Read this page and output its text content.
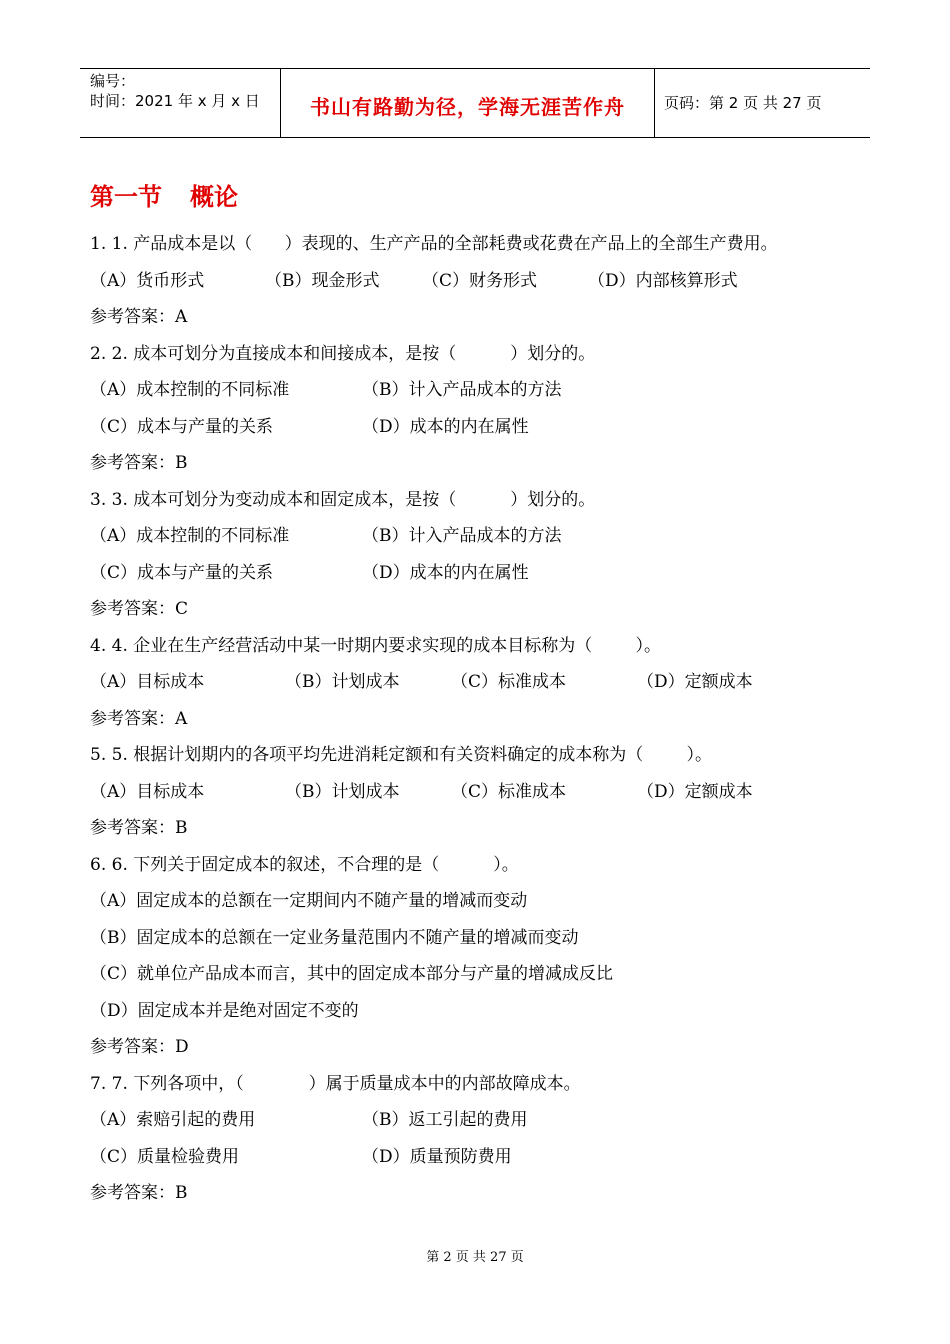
编号：
时间：2021 年 x 月 x 日	书山有路勤为径，学海无涯苦作舟	页码：第 2 页 共 27 页
第一节 概论
1. 1. 产品成本是以（      ）表现的、生产产品的全部耗费或花费在产品上的全部生产费用。
（A）货币形式	（B）现金形式	（C）财务形式	（D）内部核算形式
参考答案：A
2. 2. 成本可划分为直接成本和间接成本，是按（          ）划分的。
（A）成本控制的不同标准	（B）计入产品成本的方法
（C）成本与产量的关系	（D）成本的内在属性
参考答案：B
3. 3. 成本可划分为变动成本和固定成本，是按（          ）划分的。
（A）成本控制的不同标准	（B）计入产品成本的方法
（C）成本与产量的关系	（D）成本的内在属性
参考答案：C
4. 4. 企业在生产经营活动中某一时期内要求实现的成本目标称为（        ）。
（A）目标成本	（B）计划成本	（C）标准成本	（D）定额成本
参考答案：A
5. 5. 根据计划期内的各项平均先进消耗定额和有关资料确定的成本称为（        ）。
（A）目标成本	（B）计划成本	（C）标准成本	（D）定额成本
参考答案：B
6. 6. 下列关于固定成本的叙述，不合理的是（          ）。
（A）固定成本的总额在一定期间内不随产量的增减而变动
（B）固定成本的总额在一定业务量范围内不随产量的增减而变动
（C）就单位产品成本而言，其中的固定成本部分与产量的增减成反比
（D）固定成本并是绝对固定不变的
参考答案：D
7. 7. 下列各项中，（            ）属于质量成本中的内部故障成本。
（A）索赔引起的费用	（B）返工引起的费用
（C）质量检验费用	（D）质量预防费用
参考答案：B
第 2 页 共 27 页
